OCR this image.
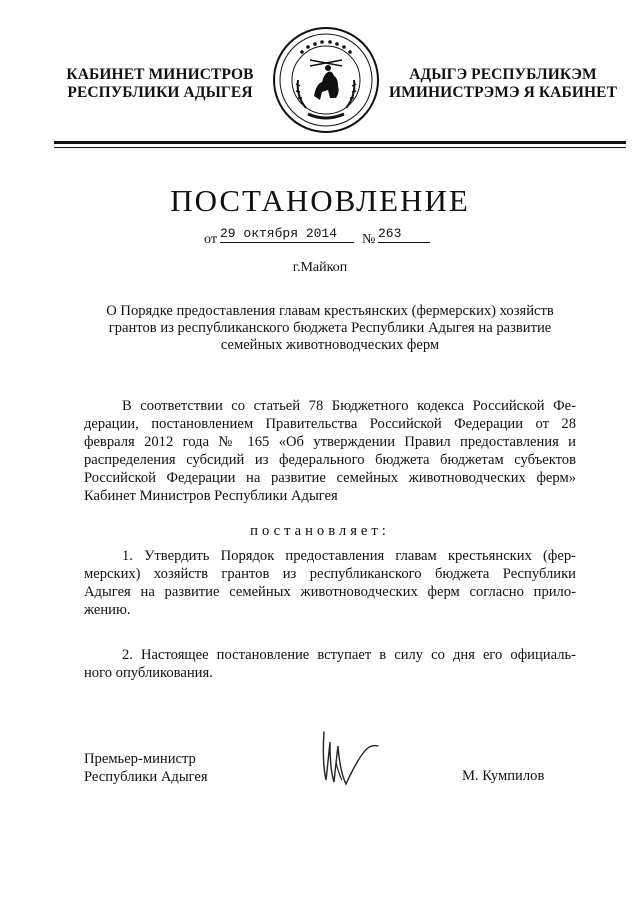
КАБИНЕТ МИНИСТРОВ
РЕСПУБЛИКИ АДЫГЕЯ
АДЫГЭ РЕСПУБЛИКЭМ
ИМИНИСТРЭМЭ Я КАБИНЕТ
ПОСТАНОВЛЕНИЕ
от 29 октября 2014	№ 263
г.Майкоп
О Порядке предоставления главам крестьянских (фермерских) хозяйств
грантов из республиканского бюджета Республики Адыгея на развитие
семейных животноводческих ферм
В соответствии со статьей 78 Бюджетного кодекса Российской Фе-
дерации, постановлением Правительства Российской Федерации от 28
февраля 2012 года № 165 «Об утверждении Правил предоставления и
распределения субсидий из федерального бюджета бюджетам субъектов
Российской Федерации на развитие семейных животноводческих ферм»
Кабинет Министров Республики Адыгея
постановляет:
1. Утвердить Порядок предоставления главам крестьянских (фер-
мерских) хозяйств грантов из республиканского бюджета Республики
Адыгея на развитие семейных животноводческих ферм согласно прило-
жению.
2. Настоящее постановление вступает в силу со дня его официаль-
ного опубликования.
Премьер-министр
Республики Адыгея	М. Кумпилов
